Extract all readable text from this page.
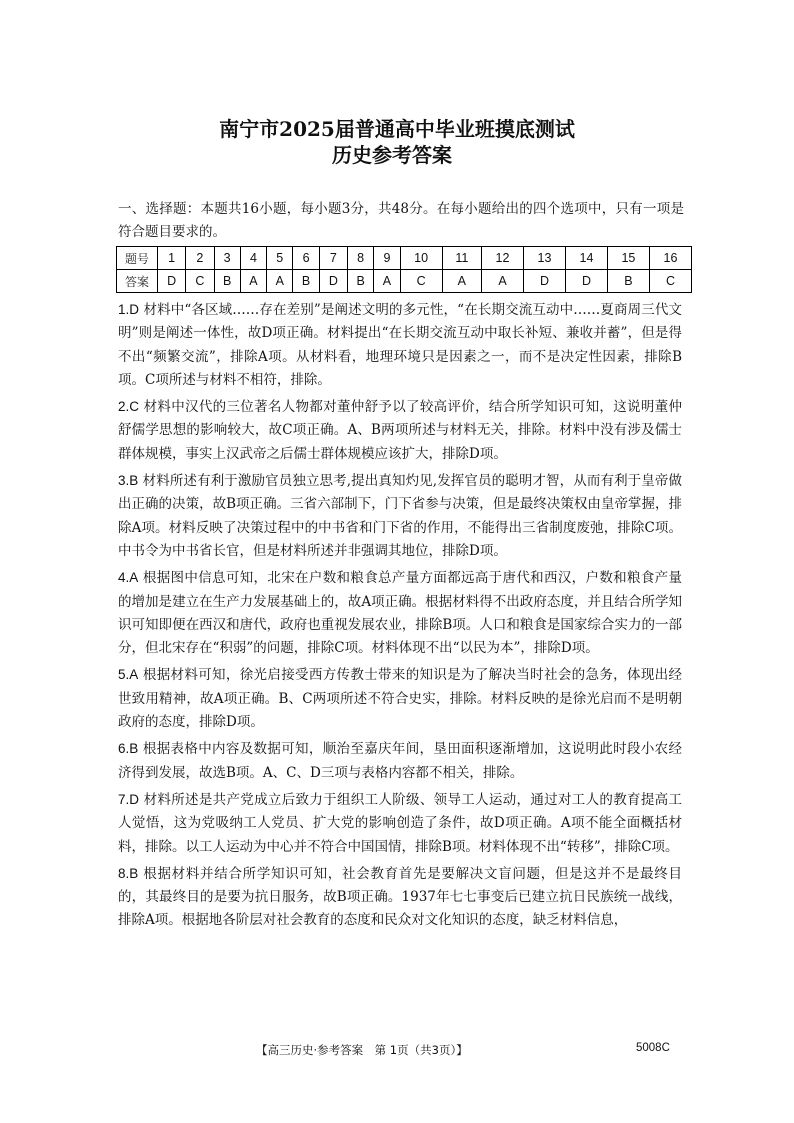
南宁市2025届普通高中毕业班摸底测试
历史参考答案
一、选择题：本题共16小题，每小题3分，共48分。在每小题给出的四个选项中，只有一项是符合题目要求的。
题号	1	2	3	4	5	6	7	8	9	10	11	12	13	14	15	16
答案	D	C	B	A	A	B	D	B	A	C	A	A	D	D	B	C

1.D 材料中“各区域……存在差别”是阐述文明的多元性，“在长期交流互动中……夏商周三代文明”则是阐述一体性，故D项正确。材料提出“在长期交流互动中取长补短、兼收并蓄”，但是得不出“频繁交流”，排除A项。从材料看，地理环境只是因素之一，而不是决定性因素，排除B项。C项所述与材料不相符，排除。

2.C 材料中汉代的三位著名人物都对董仲舒予以了较高评价，结合所学知识可知，这说明董仲舒儒学思想的影响较大，故C项正确。A、B两项所述与材料无关，排除。材料中没有涉及儒士群体规模，事实上汉武帝之后儒士群体规模应该扩大，排除D项。

3.B 材料所述有利于激励官员独立思考,提出真知灼见,发挥官员的聪明才智，从而有利于皇帝做出正确的决策，故B项正确。三省六部制下，门下省参与决策，但是最终决策权由皇帝掌握，排除A项。材料反映了决策过程中的中书省和门下省的作用，不能得出三省制度废弛，排除C项。中书令为中书省长官，但是材料所述并非强调其地位，排除D项。

4.A 根据图中信息可知，北宋在户数和粮食总产量方面都远高于唐代和西汉，户数和粮食产量的增加是建立在生产力发展基础上的，故A项正确。根据材料得不出政府态度，并且结合所学知识可知即便在西汉和唐代，政府也重视发展农业，排除B项。人口和粮食是国家综合实力的一部分，但北宋存在“积弱”的问题，排除C项。材料体现不出“以民为本”，排除D项。

5.A 根据材料可知，徐光启接受西方传教士带来的知识是为了解决当时社会的急务，体现出经世致用精神，故A项正确。B、C两项所述不符合史实，排除。材料反映的是徐光启而不是明朝政府的态度，排除D项。

6.B 根据表格中内容及数据可知，顺治至嘉庆年间，垦田面积逐渐增加，这说明此时段小农经济得到发展，故选B项。A、C、D三项与表格内容都不相关，排除。

7.D 材料所述是共产党成立后致力于组织工人阶级、领导工人运动，通过对工人的教育提高工人觉悟，这为党吸纳工人党员、扩大党的影响创造了条件，故D项正确。A项不能全面概括材料，排除。以工人运动为中心并不符合中国国情，排除B项。材料体现不出“转移”，排除C项。

8.B 根据材料并结合所学知识可知，社会教育首先是要解决文盲问题，但是这并不是最终目的，其最终目的是要为抗日服务，故B项正确。1937年七七事变后已建立抗日民族统一战线，排除A项。根据地各阶层对社会教育的态度和民众对文化知识的态度，缺乏材料信息，

【高三历史·参考答案　第 1页（共3页）】	5008C
